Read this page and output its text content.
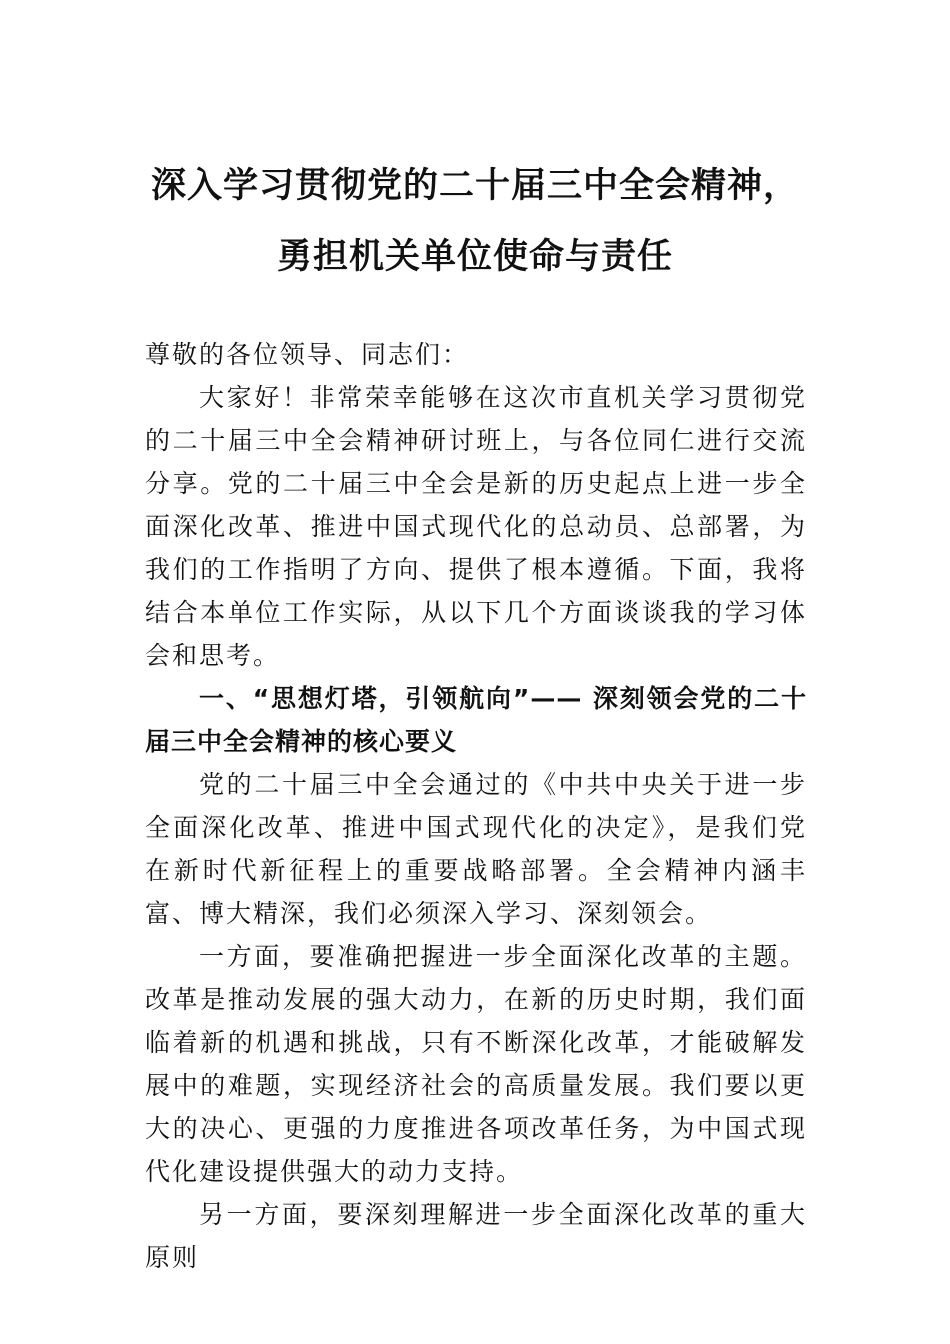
深入学习贯彻党的二十届三中全会精神，
勇担机关单位使命与责任

尊敬的各位领导、同志们：

大家好！非常荣幸能够在这次市直机关学习贯彻党的二十届三中全会精神研讨班上，与各位同仁进行交流分享。党的二十届三中全会是新的历史起点上进一步全面深化改革、推进中国式现代化的总动员、总部署，为我们的工作指明了方向、提供了根本遵循。下面，我将结合本单位工作实际，从以下几个方面谈谈我的学习体会和思考。

一、“思想灯塔，引领航向”—— 深刻领会党的二十届三中全会精神的核心要义

党的二十届三中全会通过的《中共中央关于进一步全面深化改革、推进中国式现代化的决定》，是我们党在新时代新征程上的重要战略部署。全会精神内涵丰富、博大精深，我们必须深入学习、深刻领会。

一方面，要准确把握进一步全面深化改革的主题。改革是推动发展的强大动力，在新的历史时期，我们面临着新的机遇和挑战，只有不断深化改革，才能破解发展中的难题，实现经济社会的高质量发展。我们要以更大的决心、更强的力度推进各项改革任务，为中国式现代化建设提供强大的动力支持。

另一方面，要深刻理解进一步全面深化改革的重大原则
